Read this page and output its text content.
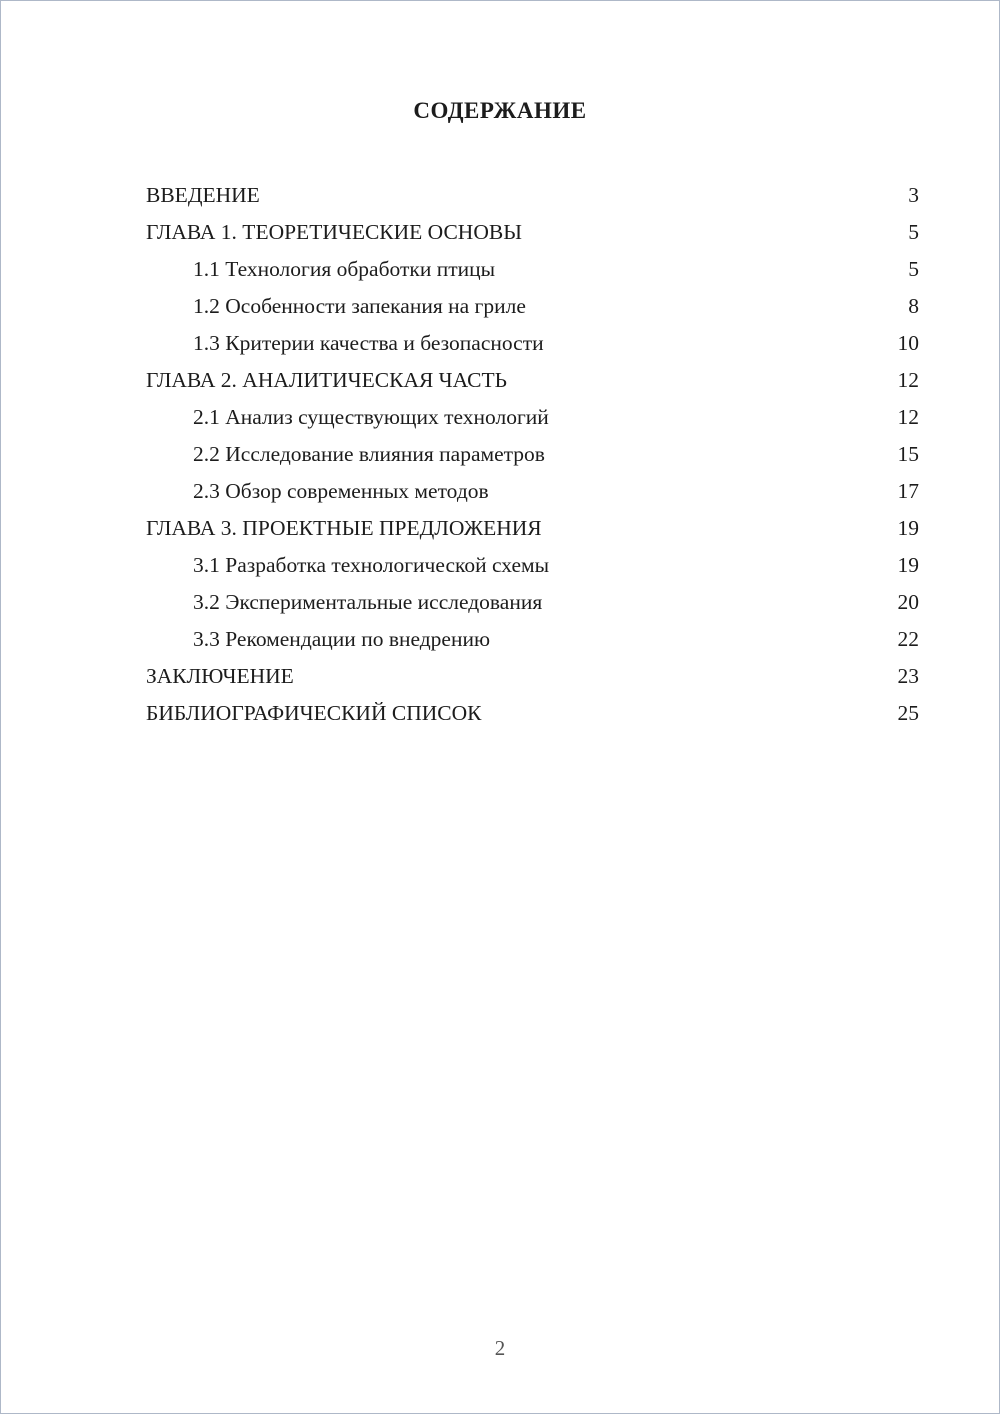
СОДЕРЖАНИЕ
ВВЕДЕНИЕ	3
ГЛАВА 1. ТЕОРЕТИЧЕСКИЕ ОСНОВЫ	5
1.1 Технология обработки птицы	5
1.2 Особенности запекания на гриле	8
1.3 Критерии качества и безопасности	10
ГЛАВА 2. АНАЛИТИЧЕСКАЯ ЧАСТЬ	12
2.1 Анализ существующих технологий	12
2.2 Исследование влияния параметров	15
2.3 Обзор современных методов	17
ГЛАВА 3. ПРОЕКТНЫЕ ПРЕДЛОЖЕНИЯ	19
3.1 Разработка технологической схемы	19
3.2 Экспериментальные исследования	20
3.3 Рекомендации по внедрению	22
ЗАКЛЮЧЕНИЕ	23
БИБЛИОГРАФИЧЕСКИЙ СПИСОК	25
2
